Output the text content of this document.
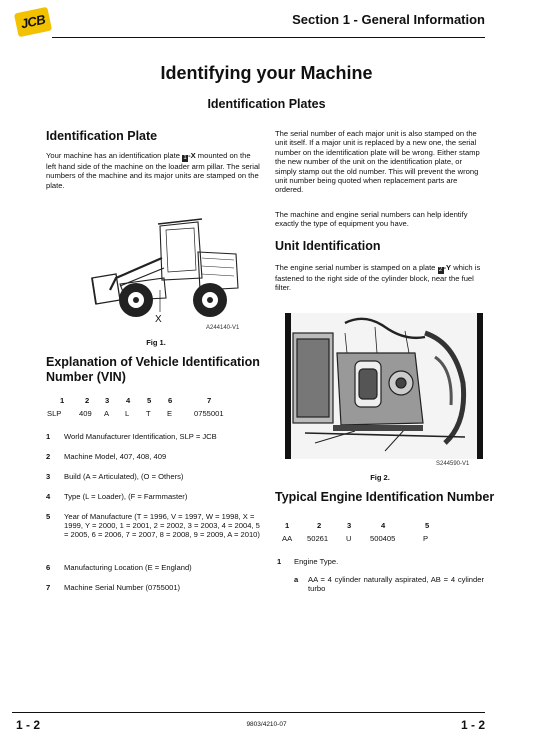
JCB	Section 1 - General Information
Identifying your Machine
Identification Plates
Identification Plate
Your machine has an identification plate 1-X mounted on the left hand side of the machine on the loader arm pillar. The serial numbers of the machine and its major units are stamped on the plate.
X
A244140-V1
Fig 1.
Explanation of Vehicle Identification Number (VIN)
1	2 3 4 5 6	7
SLP 409 A L T E	0755001
1 World Manufacturer Identification, SLP = JCB
2 Machine Model, 407, 408, 409
3 Build (A = Articulated), (O = Others)
4 Type (L = Loader), (F = Farmmaster)
5 Year of Manufacture (T = 1996, V = 1997, W = 1998, X = 1999, Y = 2000, 1 = 2001, 2 = 2002, 3 = 2003, 4 = 2004, 5 = 2005, 6 = 2006, 7 = 2007, 8 = 2008, 9 = 2009, A = 2010)
6 Manufacturing Location (E = England)
7 Machine Serial Number (0755001)
The serial number of each major unit is also stamped on the unit itself. If a major unit is replaced by a new one, the serial number on the identification plate will be wrong. Either stamp the new number of the unit on the identification plate, or simply stamp out the old number. This will prevent the wrong unit number being quoted when replacement parts are ordered.
The machine and engine serial numbers can help identify exactly the type of equipment you have.
Unit Identification
The engine serial number is stamped on a plate 2-Y which is fastened to the right side of the cylinder block, near the fuel filter.
S244590-V1
Fig 2.
Typical Engine Identification Number
1	2	3	4	5
AA 50261 U 500405	P
1 Engine Type.
a AA = 4 cylinder naturally aspirated, AB = 4 cylinder turbo
1 - 2	9803/4210-07	1 - 2
